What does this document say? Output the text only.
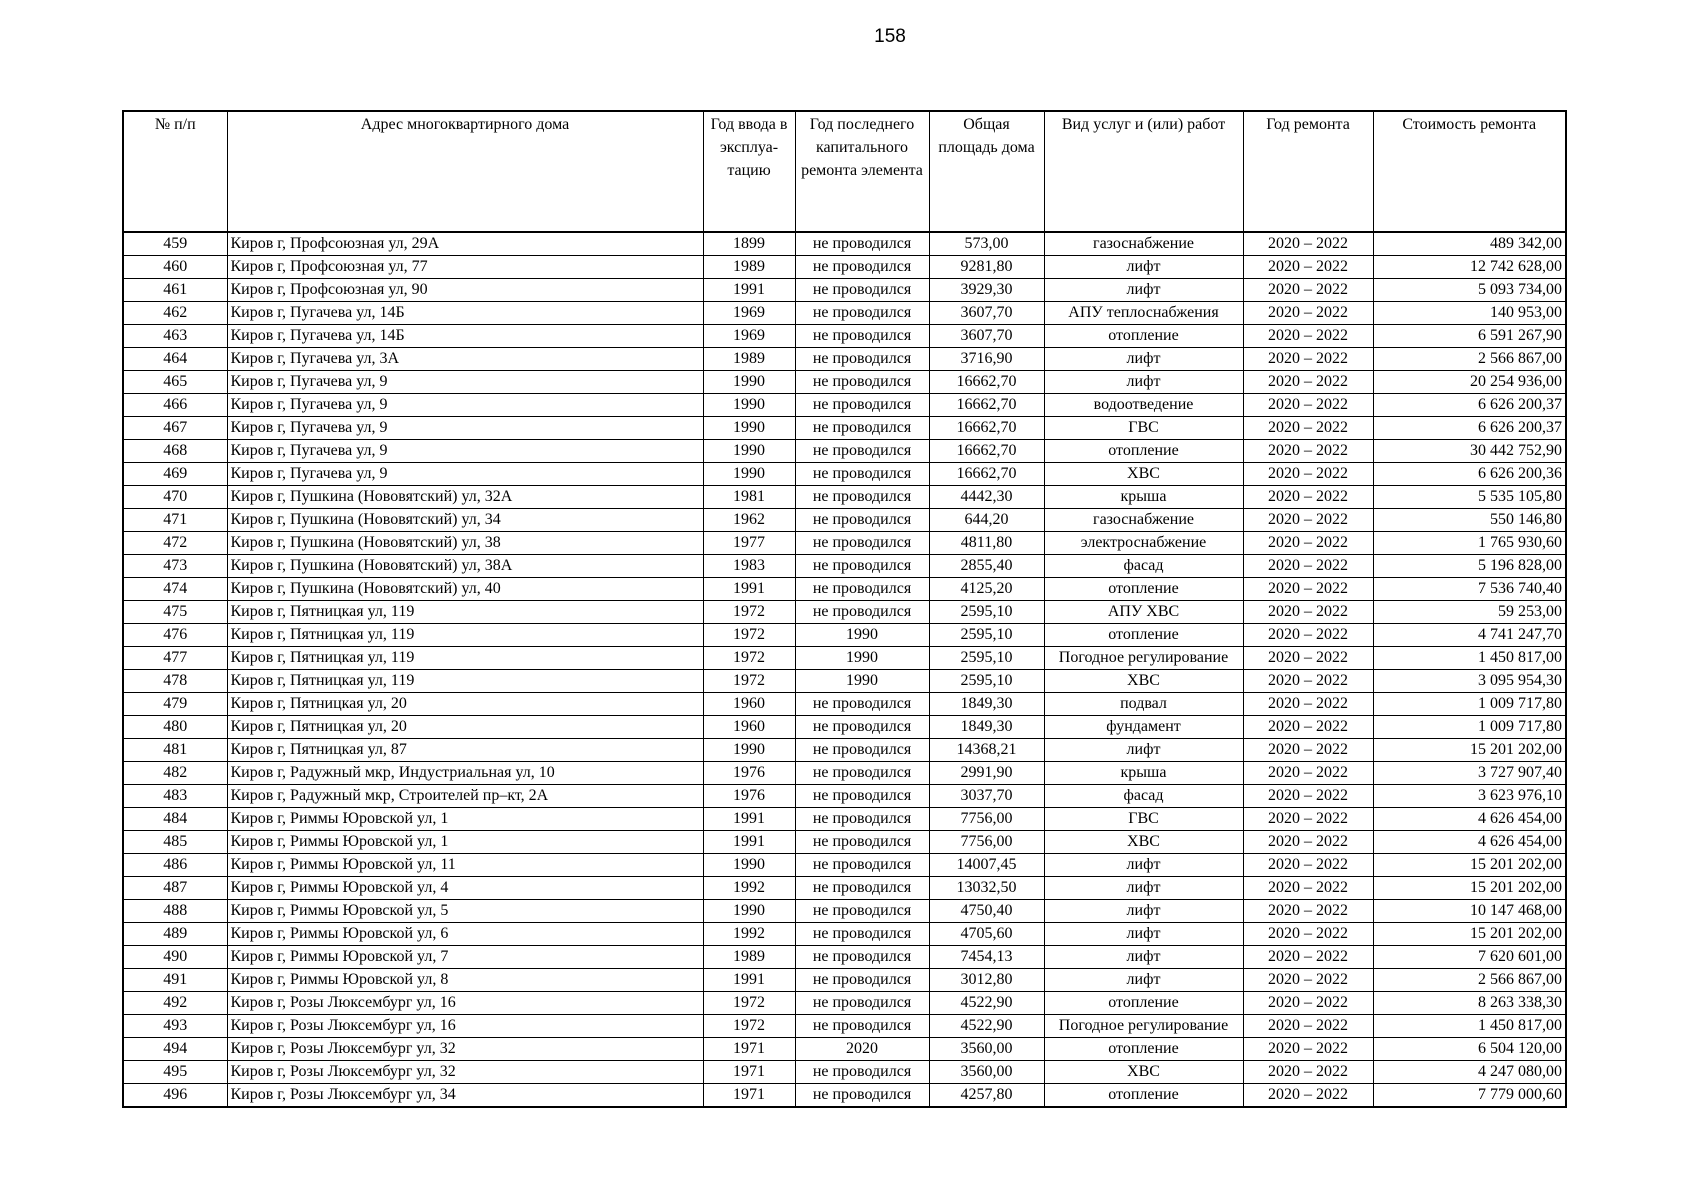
158
№ п/п	Адрес многоквартирного дома	Год ввода в эксплуа- тацию	Год последнего капитального ремонта элемента	Общая площадь дома	Вид услуг и (или) работ	Год ремонта	Стоимость ремонта
459	Киров г, Профсоюзная ул, 29А	1899	не проводился	573,00	газоснабжение	2020 – 2022	489 342,00
460	Киров г, Профсоюзная ул, 77	1989	не проводился	9281,80	лифт	2020 – 2022	12 742 628,00
461	Киров г, Профсоюзная ул, 90	1991	не проводился	3929,30	лифт	2020 – 2022	5 093 734,00
462	Киров г, Пугачева ул, 14Б	1969	не проводился	3607,70	АПУ теплоснабжения	2020 – 2022	140 953,00
463	Киров г, Пугачева ул, 14Б	1969	не проводился	3607,70	отопление	2020 – 2022	6 591 267,90
464	Киров г, Пугачева ул, 3А	1989	не проводился	3716,90	лифт	2020 – 2022	2 566 867,00
465	Киров г, Пугачева ул, 9	1990	не проводился	16662,70	лифт	2020 – 2022	20 254 936,00
466	Киров г, Пугачева ул, 9	1990	не проводился	16662,70	водоотведение	2020 – 2022	6 626 200,37
467	Киров г, Пугачева ул, 9	1990	не проводился	16662,70	ГВС	2020 – 2022	6 626 200,37
468	Киров г, Пугачева ул, 9	1990	не проводился	16662,70	отопление	2020 – 2022	30 442 752,90
469	Киров г, Пугачева ул, 9	1990	не проводился	16662,70	ХВС	2020 – 2022	6 626 200,36
470	Киров г, Пушкина (Нововятский) ул, 32А	1981	не проводился	4442,30	крыша	2020 – 2022	5 535 105,80
471	Киров г, Пушкина (Нововятский) ул, 34	1962	не проводился	644,20	газоснабжение	2020 – 2022	550 146,80
472	Киров г, Пушкина (Нововятский) ул, 38	1977	не проводился	4811,80	электроснабжение	2020 – 2022	1 765 930,60
473	Киров г, Пушкина (Нововятский) ул, 38А	1983	не проводился	2855,40	фасад	2020 – 2022	5 196 828,00
474	Киров г, Пушкина (Нововятский) ул, 40	1991	не проводился	4125,20	отопление	2020 – 2022	7 536 740,40
475	Киров г, Пятницкая ул, 119	1972	не проводился	2595,10	АПУ ХВС	2020 – 2022	59 253,00
476	Киров г, Пятницкая ул, 119	1972	1990	2595,10	отопление	2020 – 2022	4 741 247,70
477	Киров г, Пятницкая ул, 119	1972	1990	2595,10	Погодное регулирование	2020 – 2022	1 450 817,00
478	Киров г, Пятницкая ул, 119	1972	1990	2595,10	ХВС	2020 – 2022	3 095 954,30
479	Киров г, Пятницкая ул, 20	1960	не проводился	1849,30	подвал	2020 – 2022	1 009 717,80
480	Киров г, Пятницкая ул, 20	1960	не проводился	1849,30	фундамент	2020 – 2022	1 009 717,80
481	Киров г, Пятницкая ул, 87	1990	не проводился	14368,21	лифт	2020 – 2022	15 201 202,00
482	Киров г, Радужный мкр, Индустриальная ул, 10	1976	не проводился	2991,90	крыша	2020 – 2022	3 727 907,40
483	Киров г, Радужный мкр, Строителей пр–кт, 2А	1976	не проводился	3037,70	фасад	2020 – 2022	3 623 976,10
484	Киров г, Риммы Юровской ул, 1	1991	не проводился	7756,00	ГВС	2020 – 2022	4 626 454,00
485	Киров г, Риммы Юровской ул, 1	1991	не проводился	7756,00	ХВС	2020 – 2022	4 626 454,00
486	Киров г, Риммы Юровской ул, 11	1990	не проводился	14007,45	лифт	2020 – 2022	15 201 202,00
487	Киров г, Риммы Юровской ул, 4	1992	не проводился	13032,50	лифт	2020 – 2022	15 201 202,00
488	Киров г, Риммы Юровской ул, 5	1990	не проводился	4750,40	лифт	2020 – 2022	10 147 468,00
489	Киров г, Риммы Юровской ул, 6	1992	не проводился	4705,60	лифт	2020 – 2022	15 201 202,00
490	Киров г, Риммы Юровской ул, 7	1989	не проводился	7454,13	лифт	2020 – 2022	7 620 601,00
491	Киров г, Риммы Юровской ул, 8	1991	не проводился	3012,80	лифт	2020 – 2022	2 566 867,00
492	Киров г, Розы Люксембург ул, 16	1972	не проводился	4522,90	отопление	2020 – 2022	8 263 338,30
493	Киров г, Розы Люксембург ул, 16	1972	не проводился	4522,90	Погодное регулирование	2020 – 2022	1 450 817,00
494	Киров г, Розы Люксембург ул, 32	1971	2020	3560,00	отопление	2020 – 2022	6 504 120,00
495	Киров г, Розы Люксембург ул, 32	1971	не проводился	3560,00	ХВС	2020 – 2022	4 247 080,00
496	Киров г, Розы Люксембург ул, 34	1971	не проводился	4257,80	отопление	2020 – 2022	7 779 000,60
